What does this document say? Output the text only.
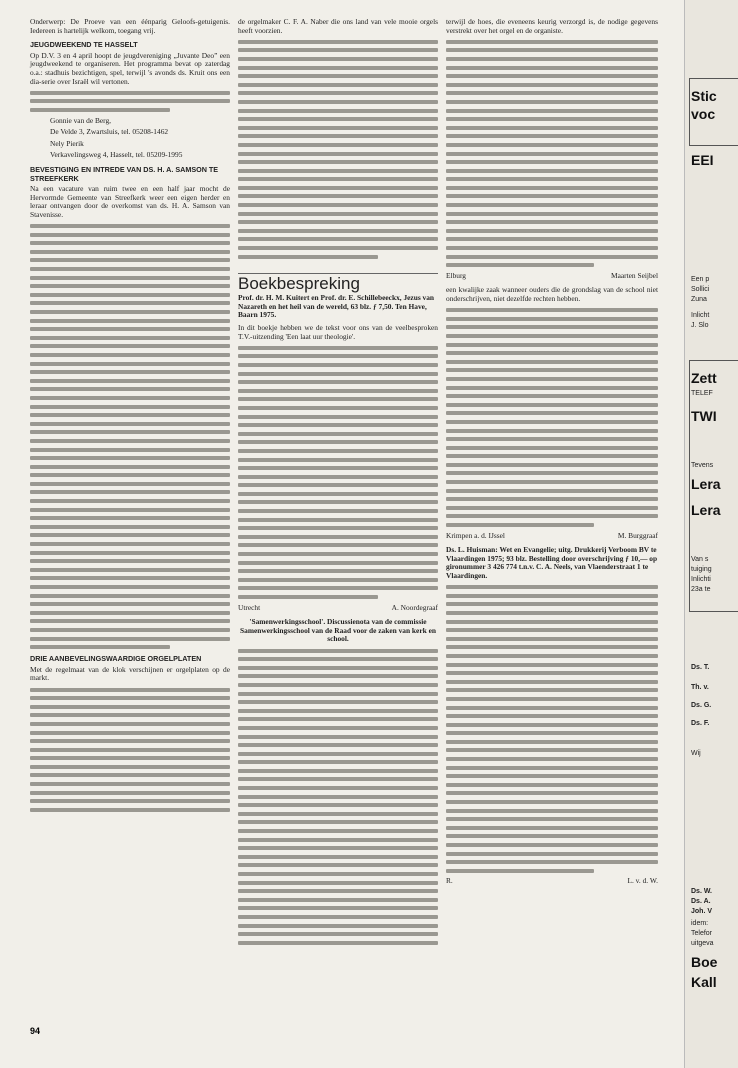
Onderwerp: De Proeve van een éénparig Geloofs-getuigenis. Iedereen is hartelijk welkom, toegang vrij.

JEUGDWEEKEND TE HASSELT

Op D.V. 3 en 4 april hoopt de jeugdvereniging „Juvante Deo” een jeugdweekend te organiseren. Het programma bevat op zaterdag o.a.: stadhuis bezichtigen, spel, terwijl 's avonds ds. Kruit ons een dia-serie over Israël wil vertonen.

Gonnie van de Berg,

De Velde 3, Zwartsluis, tel. 05208-1462

Nely Pierik

Verkavelingsweg 4, Hasselt, tel. 05209-1995

BEVESTIGING EN INTREDE VAN DS. H. A. SAMSON TE STREEFKERK

Na een vacature van ruim twee en een half jaar mocht de Hervormde Gemeente van Streefkerk weer een eigen herder en leraar ontvangen door de overkomst van ds. H. A. Samson van Stavenisse.

DRIE AANBEVELINGSWAARDIGE ORGELPLATEN

Met de regelmaat van de klok verschijnen er orgelplaten op de markt.

de orgelmaker C. F. A. Naber die ons land van vele mooie orgels heeft voorzien.

Boekbespreking

Prof. dr. H. M. Kuitert en Prof. dr. E. Schillebeeckx, Jezus van Nazareth en het heil van de wereld, 63 blz. ƒ 7,50. Ten Have, Baarn 1975.

In dit boekje hebben we de tekst voor ons van de veelbesproken T.V.-uitzending 'Een laat uur theologie'.

Utrecht	A. Noordegraaf

'Samenwerkingsschool'. Discussienota van de commissie Samenwerkingsschool van de Raad voor de zaken van kerk en school.

terwijl de hoes, die eveneens keurig verzorgd is, de nodige gegevens verstrekt over het orgel en de organiste.

Elburg	Maarten Seijbel

een kwalijke zaak wanneer ouders die de grondslag van de school niet onderschrijven, niet dezelfde rechten hebben.

Krimpen a. d. IJssel	M. Burggraaf

Ds. L. Huisman: Wet en Evangelie; uitg. Drukkerij Verboom BV te Vlaardingen 1975; 93 blz. Bestelling door overschrijving ƒ 10,— op gironummer 3 426 774 t.n.v. C. A. Neels, van Vlaenderstraat 1 te Vlaardingen.

R.	L. v. d. W.
94
Stic
voc
EEI
Een p
Sollici
Zuna
Inlicht
J. Slo
Zett
TELEF
TWI
Tevens
Lera
Lera
Van s
tuiging
Inlichti
23a te
Ds. T.
Th. v.
Ds. G.
Ds. F.
Wij
Ds. W.
Ds. A.
Joh. V
idem:
Telefor
uitgeva
Boe
Kall
